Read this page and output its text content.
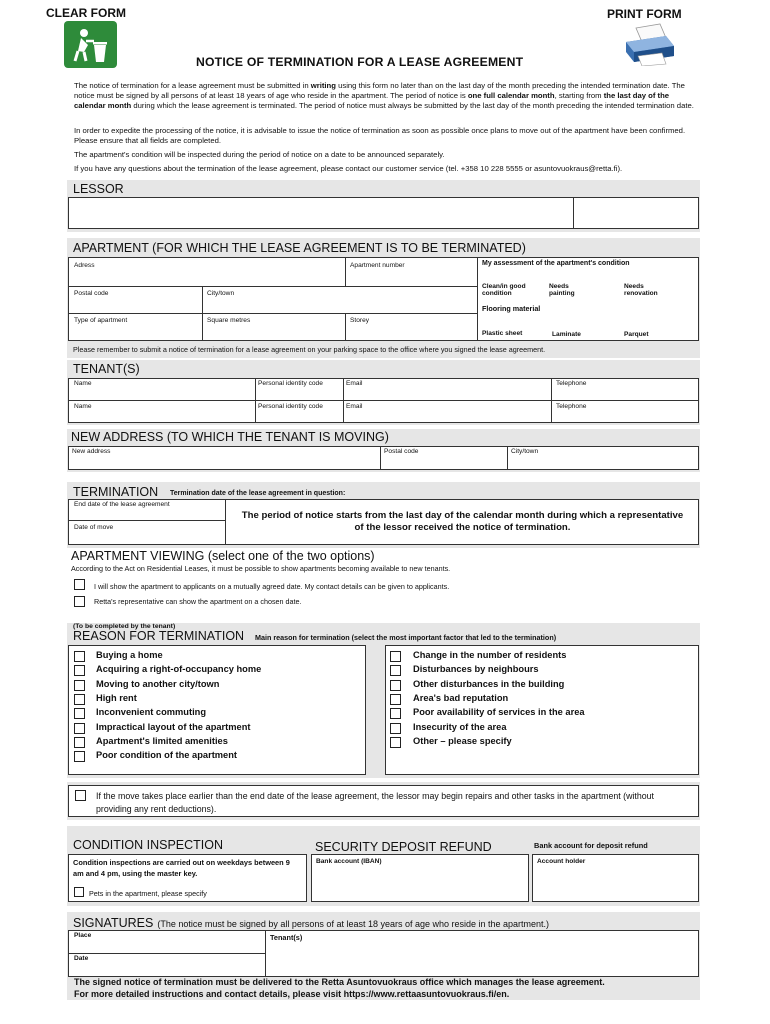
CLEAR FORM	PRINT FORM
NOTICE OF TERMINATION FOR A LEASE AGREEMENT
The notice of termination for a lease agreement must be submitted in writing using this form no later than on the last day of the month preceding the intended termination date. The notice must be signed by all persons of at least 18 years of age who reside in the apartment. The period of notice is one full calendar month, starting from the last day of the calendar month during which the lease agreement is terminated. The period of notice must always be submitted by the last day of the month preceding the intended termination date.
In order to expedite the processing of the notice, it is advisable to issue the notice of termination as soon as possible once plans to move out of the apartment have been confirmed. Please ensure that all fields are completed.
The apartment's condition will be inspected during the period of notice on a date to be announced separately.
If you have any questions about the termination of the lease agreement, please contact our customer service (tel. +358 10 228 5555 or asuntovuokraus@retta.fi).
LESSOR
APARTMENT (FOR WHICH THE LEASE AGREEMENT IS TO BE TERMINATED)
Adress	Apartment number
Postal code	City/town
Type of apartment	Square metres	Storey
My assessment of the apartment's condition
Clean/in good condition
Needs painting
Needs renovation
Flooring material
Plastic sheet	Laminate	Parquet
Please remember to submit a notice of termination for a lease agreement on your parking space to the office where you signed the lease agreement.
TENANT(S)
Name	Personal identity code	Email	Telephone
Name	Personal identity code	Email	Telephone
NEW ADDRESS (TO WHICH THE TENANT IS MOVING)
New address	Postal code	City/town
TERMINATION Termination date of the lease agreement in question:
End date of the lease agreement
Date of move
The period of notice starts from the last day of the calendar month during which a representative of the lessor received the notice of termination.
APARTMENT VIEWING (select one of the two options)
According to the Act on Residential Leases, it must be possible to show apartments becoming available to new tenants.
I will show the apartment to applicants on a mutually agreed date. My contact details can be given to applicants.
Retta's representative can show the apartment on a chosen date.
(To be completed by the tenant)
REASON FOR TERMINATION Main reason for termination (select the most important factor that led to the termination)
Buying a home
Acquiring a right-of-occupancy home
Moving to another city/town
High rent
Inconvenient commuting
Impractical layout of the apartment
Apartment's limited amenities
Poor condition of the apartment
Change in the number of residents
Disturbances by neighbours
Other disturbances in the building
Area's bad reputation
Poor availability of services in the area
Insecurity of the area
Other – please specify
If the move takes place earlier than the end date of the lease agreement, the lessor may begin repairs and other tasks in the apartment (without providing any rent deductions).
CONDITION INSPECTION	SECURITY DEPOSIT REFUND	Bank account for deposit refund
Condition inspections are carried out on weekdays between 9 am and 4 pm, using the master key.
Pets in the apartment, please specify
Bank account (IBAN)	Account holder
SIGNATURES (The notice must be signed by all persons of at least 18 years of age who reside in the apartment.)
Place
Date
Tenant(s)
The signed notice of termination must be delivered to the Retta Asuntovuokraus office which manages the lease agreement.
For more detailed instructions and contact details, please visit https://www.rettaasuntovuokraus.fi/en.
